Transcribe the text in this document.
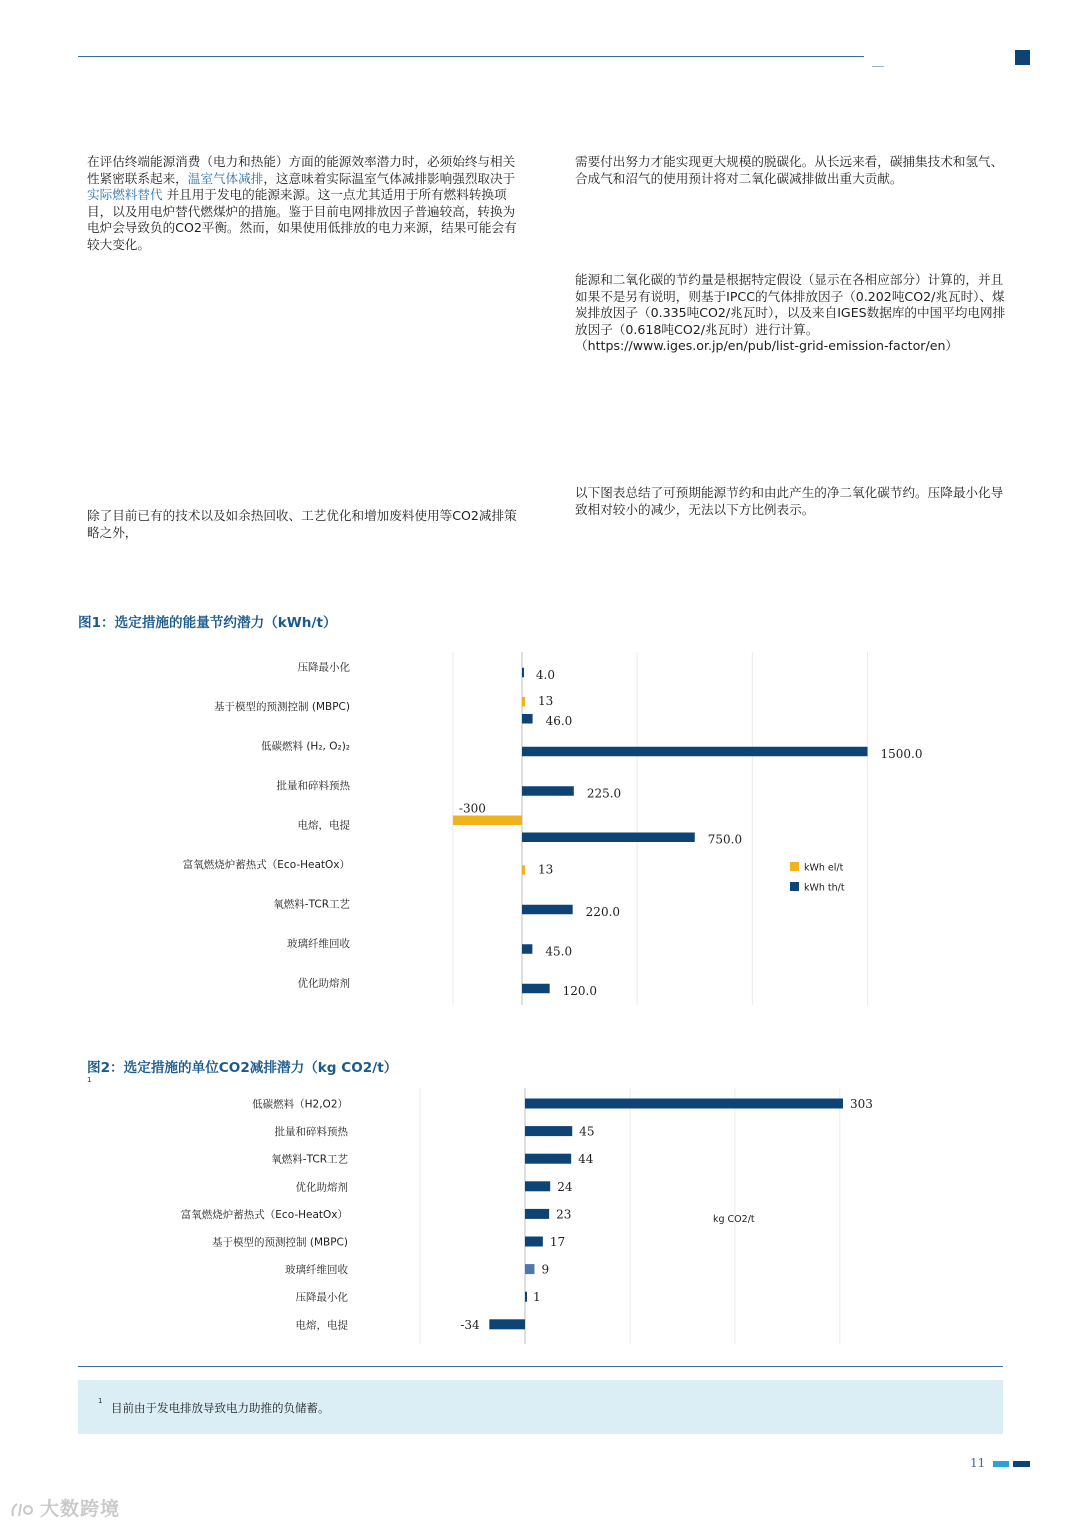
在评估终端能源消费（电力和热能）方面的能源效率潜力时，必须始终与相关性紧密联系起来，温室气体减排，这意味着实际温室气体减排影响强烈取决于 实际燃料替代 并且用于发电的能源来源。这一点尤其适用于所有燃料转换项目，以及用电炉替代燃煤炉的措施。鉴于目前电网排放因子普遍较高，转换为电炉会导致负的CO2平衡。然而，如果使用低排放的电力来源，结果可能会有较大变化。

除了目前已有的技术以及如余热回收、工艺优化和增加废料使用等CO2减排策略之外，

需要付出努力才能实现更大规模的脱碳化。从长远来看，碳捕集技术和氢气、合成气和沼气的使用预计将对二氧化碳减排做出重大贡献。

能源和二氧化碳的节约量是根据特定假设（显示在各相应部分）计算的，并且如果不是另有说明，则基于IPCC的气体排放因子（0.202吨CO2/兆瓦时）、煤炭排放因子（0.335吨CO2/兆瓦时），以及来自IGES数据库的中国平均电网排放因子（0.618吨CO2/兆瓦时）进行计算。（https://www.iges.or.jp/en/pub/list-grid-emission-factor/en）

以下图表总结了可预期能源节约和由此产生的净二氧化碳节约。压降最小化导致相对较小的减少，无法以下方比例表示。

图1：选定措施的能量节约潜力（kWh/t）

压降最小化
4.0
基于模型的预测控制 (MBPC)	13
46.0
低碳燃料 (H₂, O₂)₂
1500.0
批量和碎料预热
225.0
电熔，电提
-300
750.0
富氧燃烧炉蓄热式（Eco-HeatOx）	13
氧燃料-TCR工艺
220.0
玻璃纤维回收
45.0
优化助熔剂
120.0
kWh el/t
kWh th/t

图2：选定措施的单位CO2减排潜力（kg CO2/t）

1
低碳燃料（H2,O2）	303
批量和碎料预热	45
氧燃料-TCR工艺	44
优化助熔剂	24
富氧燃烧炉蓄热式（Eco-HeatOx）	23
基于模型的预测控制 (MBPC)	17
玻璃纤维回收	9
压降最小化	1
电熔，电提	-34
kg CO2/t
1 目前由于发电排放导致电力助推的负储蓄。
11
大数跨境
